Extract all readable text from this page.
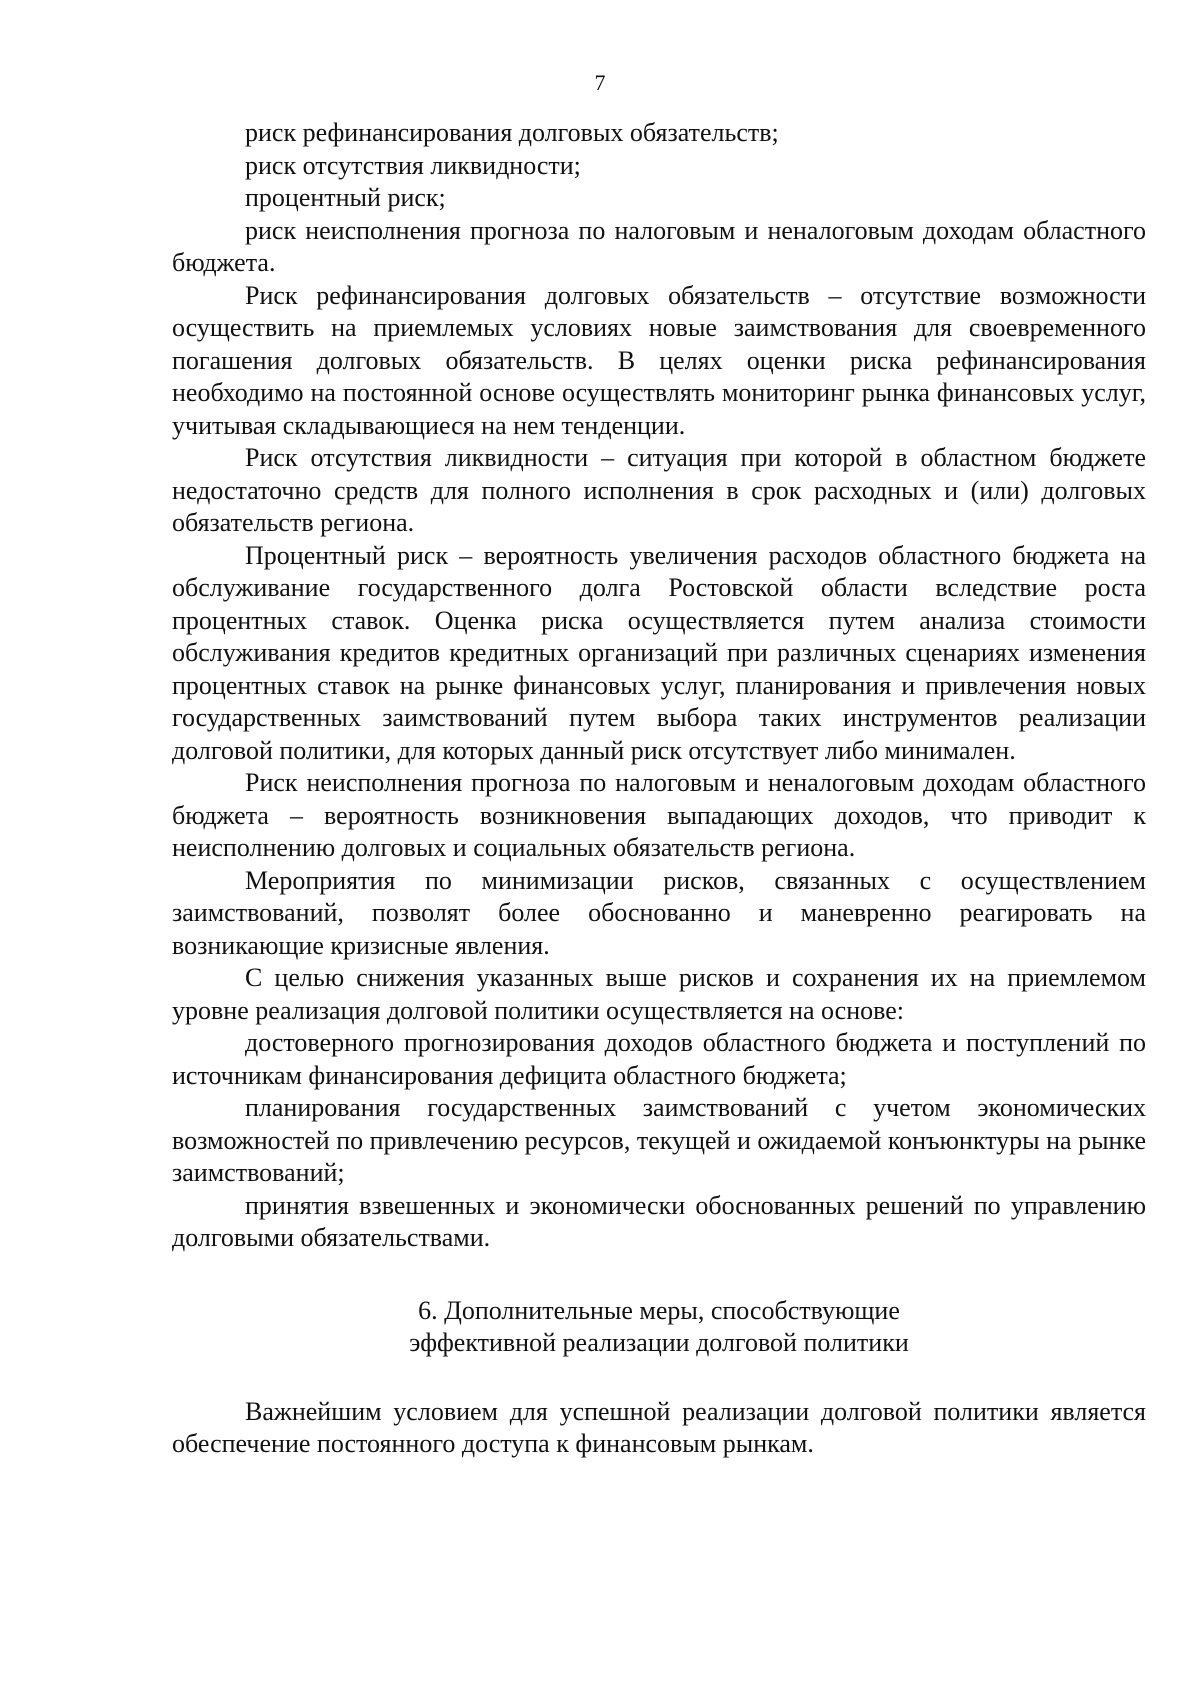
7

риск рефинансирования долговых обязательств;

риск отсутствия ликвидности;

процентный риск;

риск неисполнения прогноза по налоговым и неналоговым доходам областного бюджета.

Риск рефинансирования долговых обязательств – отсутствие возможности осуществить на приемлемых условиях новые заимствования для своевременного погашения долговых обязательств. В целях оценки риска рефинансирования необходимо на постоянной основе осуществлять мониторинг рынка финансовых услуг, учитывая складывающиеся на нем тенденции.

Риск отсутствия ликвидности – ситуация при которой в областном бюджете недостаточно средств для полного исполнения в срок расходных и (или) долговых обязательств региона.

Процентный риск – вероятность увеличения расходов областного бюджета на обслуживание государственного долга Ростовской области вследствие роста процентных ставок. Оценка риска осуществляется путем анализа стоимости обслуживания кредитов кредитных организаций при различных сценариях изменения процентных ставок на рынке финансовых услуг, планирования и привлечения новых государственных заимствований путем выбора таких инструментов реализации долговой политики, для которых данный риск отсутствует либо минимален.

Риск неисполнения прогноза по налоговым и неналоговым доходам областного бюджета – вероятность возникновения выпадающих доходов, что приводит к неисполнению долговых и социальных обязательств региона.

Мероприятия по минимизации рисков, связанных с осуществлением заимствований, позволят более обоснованно и маневренно реагировать на возникающие кризисные явления.

С целью снижения указанных выше рисков и сохранения их на приемлемом уровне реализация долговой политики осуществляется на основе:

достоверного прогнозирования доходов областного бюджета и поступлений по источникам финансирования дефицита областного бюджета;

планирования государственных заимствований с учетом экономических возможностей по привлечению ресурсов, текущей и ожидаемой конъюнктуры на рынке заимствований;

принятия взвешенных и экономически обоснованных решений по управлению долговыми обязательствами.

6. Дополнительные меры, способствующие
эффективной реализации долговой политики

Важнейшим условием для успешной реализации долговой политики является обеспечение постоянного доступа к финансовым рынкам.
